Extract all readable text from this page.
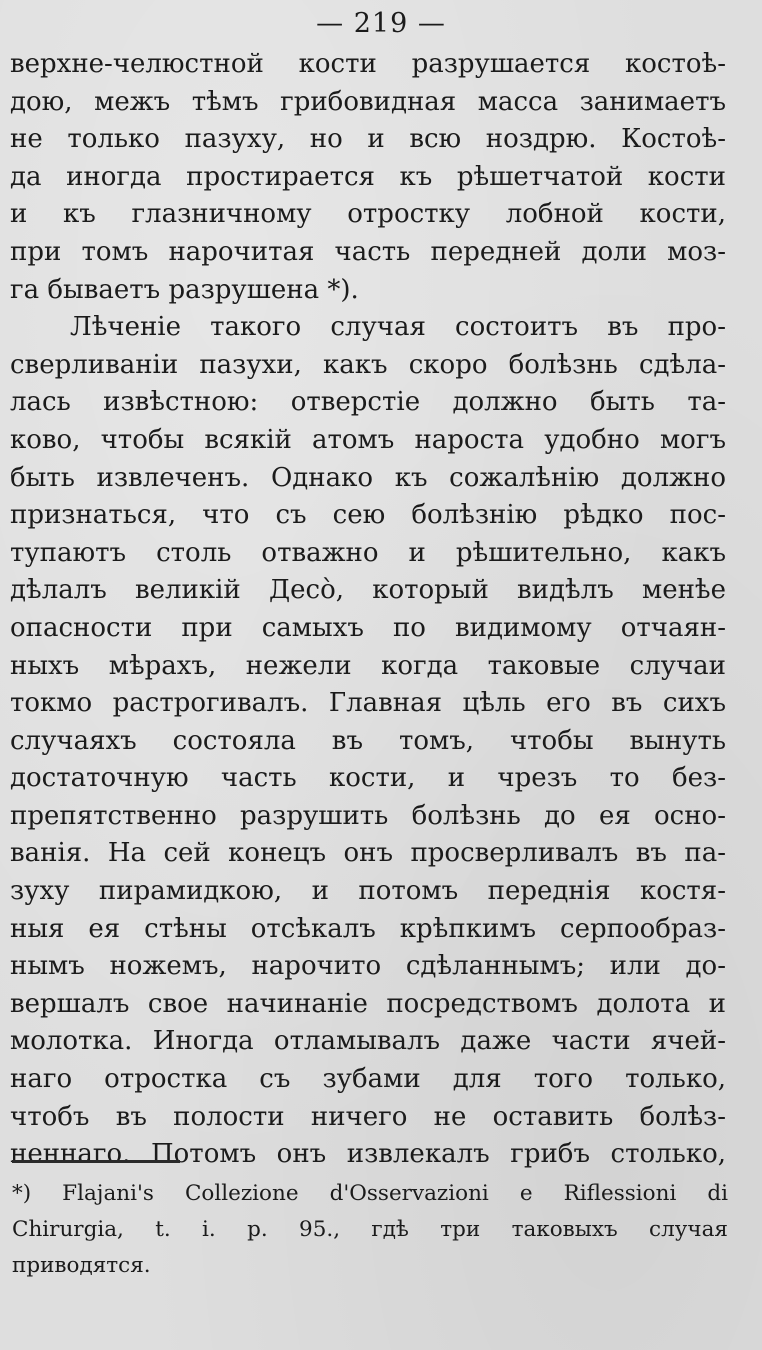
— 219 —
верхне-челюстной кости разрушается костоѣ-
дою, межъ тѣмъ грибовидная масса занимаетъ
не только пазуху, но и всю ноздрю. Костоѣ-
да иногда простирается къ рѣшетчатой кости
и къ глазничному отростку лобной кости,
при томъ нарочитая часть передней доли моз-
га бываетъ разрушена *).
Лѣченіе такого случая состоитъ въ про-
сверливаніи пазухи, какъ скоро болѣзнь сдѣла-
лась извѣстною: отверстіе должно быть та-
ково, чтобы всякій атомъ нароста удобно могъ
быть извлеченъ. Однако къ сожалѣнію должно
признаться, что съ сею болѣзнію рѣдко пос-
тупаютъ столь отважно и рѣшительно, какъ
дѣлалъ великій Десо̀, который видѣлъ менѣе
опасности при самыхъ по видимому отчаян-
ныхъ мѣрахъ, нежели когда таковые случаи
токмо растрогивалъ. Главная цѣль его въ сихъ
случаяхъ состояла въ томъ, чтобы вынуть
достаточную часть кости, и чрезъ то без-
препятственно разрушить болѣзнь до ея осно-
ванія. На сей конецъ онъ просверливалъ въ па-
зуху пирамидкою, и потомъ переднія костя-
ныя ея стѣны отсѣкалъ крѣпкимъ серпообраз-
нымъ ножемъ, нарочито сдѣланнымъ; или до-
вершалъ свое начинаніе посредствомъ долота и
молотка. Иногда отламывалъ даже части ячей-
наго отростка съ зубами для того только,
чтобъ въ полости ничего не оставить болѣз-
неннаго. Потомъ онъ извлекалъ грибъ столько,
*) Flajani's Collezione d'Osservazioni e Riflessioni di
Chirurgia, t. i. p. 95., гдѣ три таковыхъ случая
приводятся.
